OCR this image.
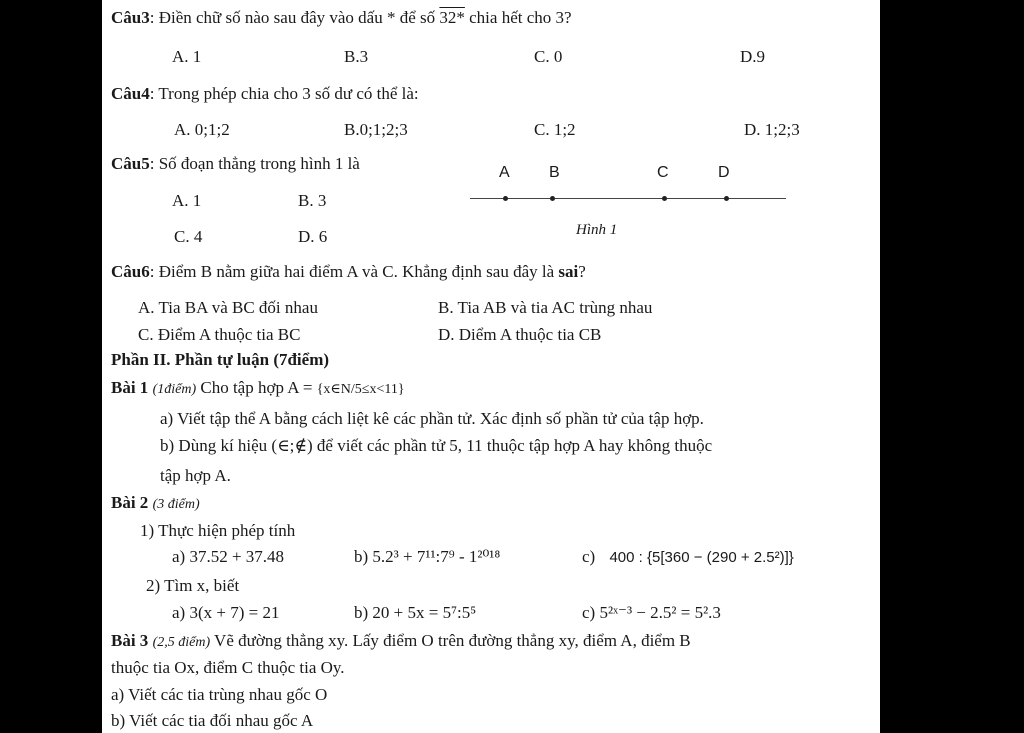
Câu3: Điền chữ số nào sau đây vào dấu * để số 32* chia hết cho 3?
A. 1	B.3	C. 0	D.9
Câu4: Trong phép chia cho 3 số dư có thể là:
A. 0;1;2	B.0;1;2;3	C. 1;2	D. 1;2;3
Câu5: Số đoạn thẳng trong hình 1 là
A. 1	B. 3
C. 4	D. 6
A B	C	D
Hình 1
Câu6: Điểm B nằm giữa hai điểm A và C. Khẳng định sau đây là sai?
A. Tia BA và BC đối nhau	B. Tia AB và tia AC trùng nhau
C. Điểm A thuộc tia BC	D. Diểm A thuộc tia CB
Phần II. Phần tự luận (7điểm)
Bài 1 (1điểm) Cho tập hợp A = {x∈N/5≤x<11}
a) Viết tập thể A bằng cách liệt kê các phần tử. Xác định số phần tử của tập hợp.
b) Dùng kí hiệu (∈;∉) để viết các phần tử 5, 11 thuộc tập hợp A hay không thuộc
tập hợp A.
Bài 2 (3 điểm)
1) Thực hiện phép tính
a) 37.52 + 37.48	b) 5.2³ + 7¹¹:7⁹ - 1²⁰¹⁸	c) 400 : {5[360 − (290 + 2.5²)]}
2) Tìm x, biết
a) 3(x + 7) = 21	b) 20 + 5x = 5⁷:5⁵	c) 5²ˣ⁻³ − 2.5² = 5².3
Bài 3 (2,5 điểm) Vẽ đường thẳng xy. Lấy điểm O trên đường thẳng xy, điểm A, điểm B
thuộc tia Ox, điểm C thuộc tia Oy.
a) Viết các tia trùng nhau gốc O
b) Viết các tia đối nhau gốc A
